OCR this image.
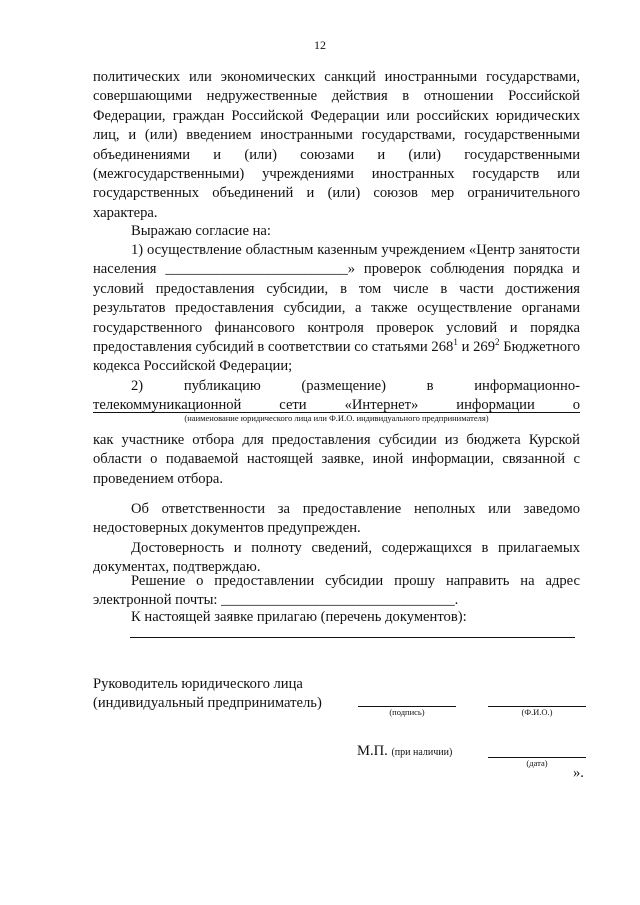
12
политических или экономических санкций иностранными государствами, совершающими недружественные действия в отношении Российской Федерации, граждан Российской Федерации или российских юридических лиц, и (или) введением иностранными государствами, государственными объединениями и (или) союзами и (или) государственными (межгосударственными) учреждениями иностранных государств или государственных объединений и (или) союзов мер ограничительного характера.
Выражаю согласие на:
1) осуществление областным казенным учреждением «Центр занятости населения _________________________» проверок соблюдения порядка и условий предоставления субсидии, в том числе в части достижения результатов предоставления субсидии, а также осуществление органами государственного финансового контроля проверок условий и порядка предоставления субсидий в соответствии со статьями $268^1$ и $269^2$ Бюджетного кодекса Российской Федерации;
2) публикацию (размещение) в информационно-телекоммуникационной сети «Интернет» информации о
(наименование юридического лица или Ф.И.О. индивидуального предпринимателя)
как участнике отбора для предоставления субсидии из бюджета Курской области о подаваемой настоящей заявке, иной информации, связанной с проведением отбора.
Об ответственности за предоставление неполных или заведомо недостоверных документов предупрежден.
Достоверность и полноту сведений, содержащихся в прилагаемых документах, подтверждаю.
Решение о предоставлении субсидии прошу направить на адрес электронной почты: ________________________________.
К настоящей заявке прилагаю (перечень документов):
Руководитель юридического лица
(индивидуальный предприниматель)
(подпись)	(Ф.И.О.)
М.П. (при наличии)
(дата)
».
